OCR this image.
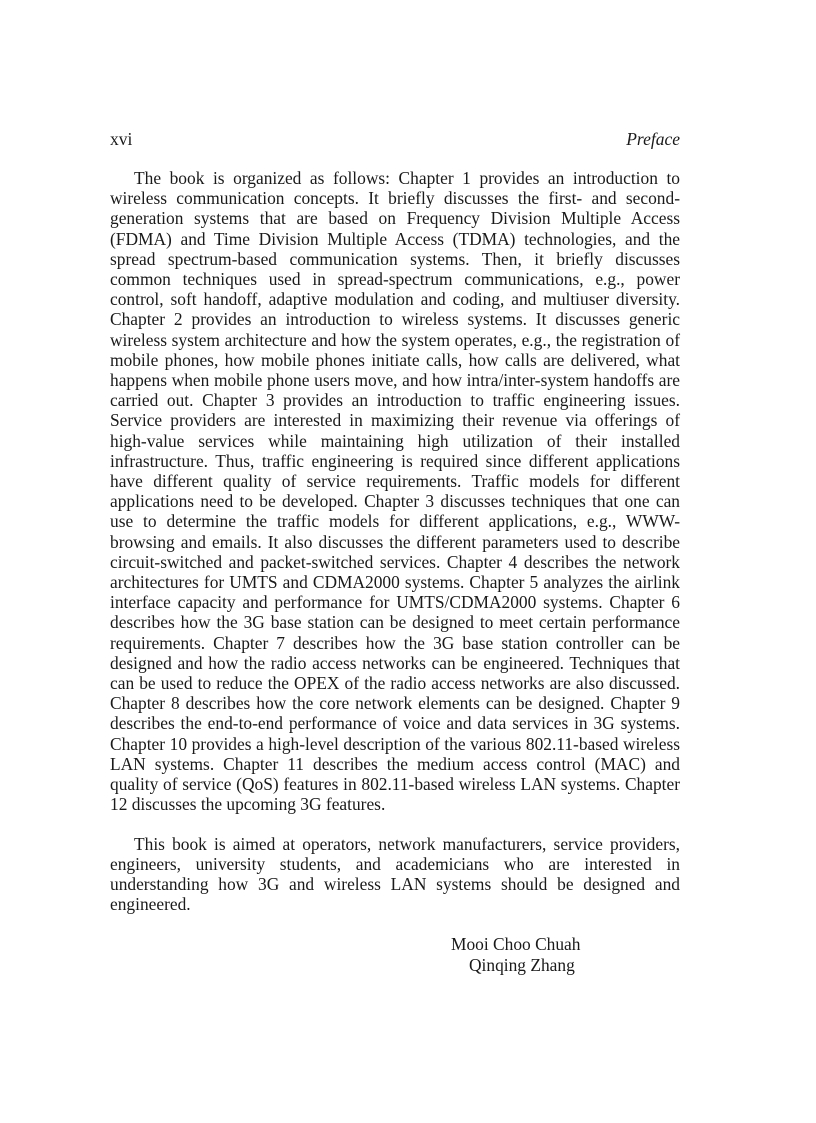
xvi	Preface

The book is organized as follows: Chapter 1 provides an introduction to wireless communication concepts. It briefly discusses the first- and second-generation systems that are based on Frequency Division Multiple Access (FDMA) and Time Division Multiple Access (TDMA) technologies, and the spread spectrum-based communication systems. Then, it briefly discusses common techniques used in spread-spectrum communications, e.g., power control, soft handoff, adaptive modulation and coding, and multiuser diversity. Chapter 2 provides an introduction to wireless systems. It discusses generic wireless system architecture and how the system operates, e.g., the registration of mobile phones, how mobile phones initiate calls, how calls are delivered, what happens when mobile phone users move, and how intra/inter-system handoffs are carried out. Chapter 3 provides an introduction to traffic engineering issues. Service providers are interested in maximizing their revenue via offerings of high-value services while maintaining high utilization of their installed infrastructure. Thus, traffic engineering is required since different applications have different quality of service requirements. Traffic models for different applications need to be developed. Chapter 3 discusses techniques that one can use to determine the traffic models for different applications, e.g., WWW-browsing and emails. It also discusses the different parameters used to describe circuit-switched and packet-switched services. Chapter 4 describes the network architectures for UMTS and CDMA2000 systems. Chapter 5 analyzes the airlink interface capacity and performance for UMTS/CDMA2000 systems. Chapter 6 describes how the 3G base station can be designed to meet certain performance requirements. Chapter 7 describes how the 3G base station controller can be designed and how the radio access networks can be engineered. Techniques that can be used to reduce the OPEX of the radio access networks are also discussed. Chapter 8 describes how the core network elements can be designed. Chapter 9 describes the end-to-end performance of voice and data services in 3G systems. Chapter 10 provides a high-level description of the various 802.11-based wireless LAN systems. Chapter 11 describes the medium access control (MAC) and quality of service (QoS) features in 802.11-based wireless LAN systems. Chapter 12 discusses the upcoming 3G features.

This book is aimed at operators, network manufacturers, service providers, engineers, university students, and academicians who are interested in understanding how 3G and wireless LAN systems should be designed and engineered.

Mooi Choo Chuah
Qinqing Zhang
